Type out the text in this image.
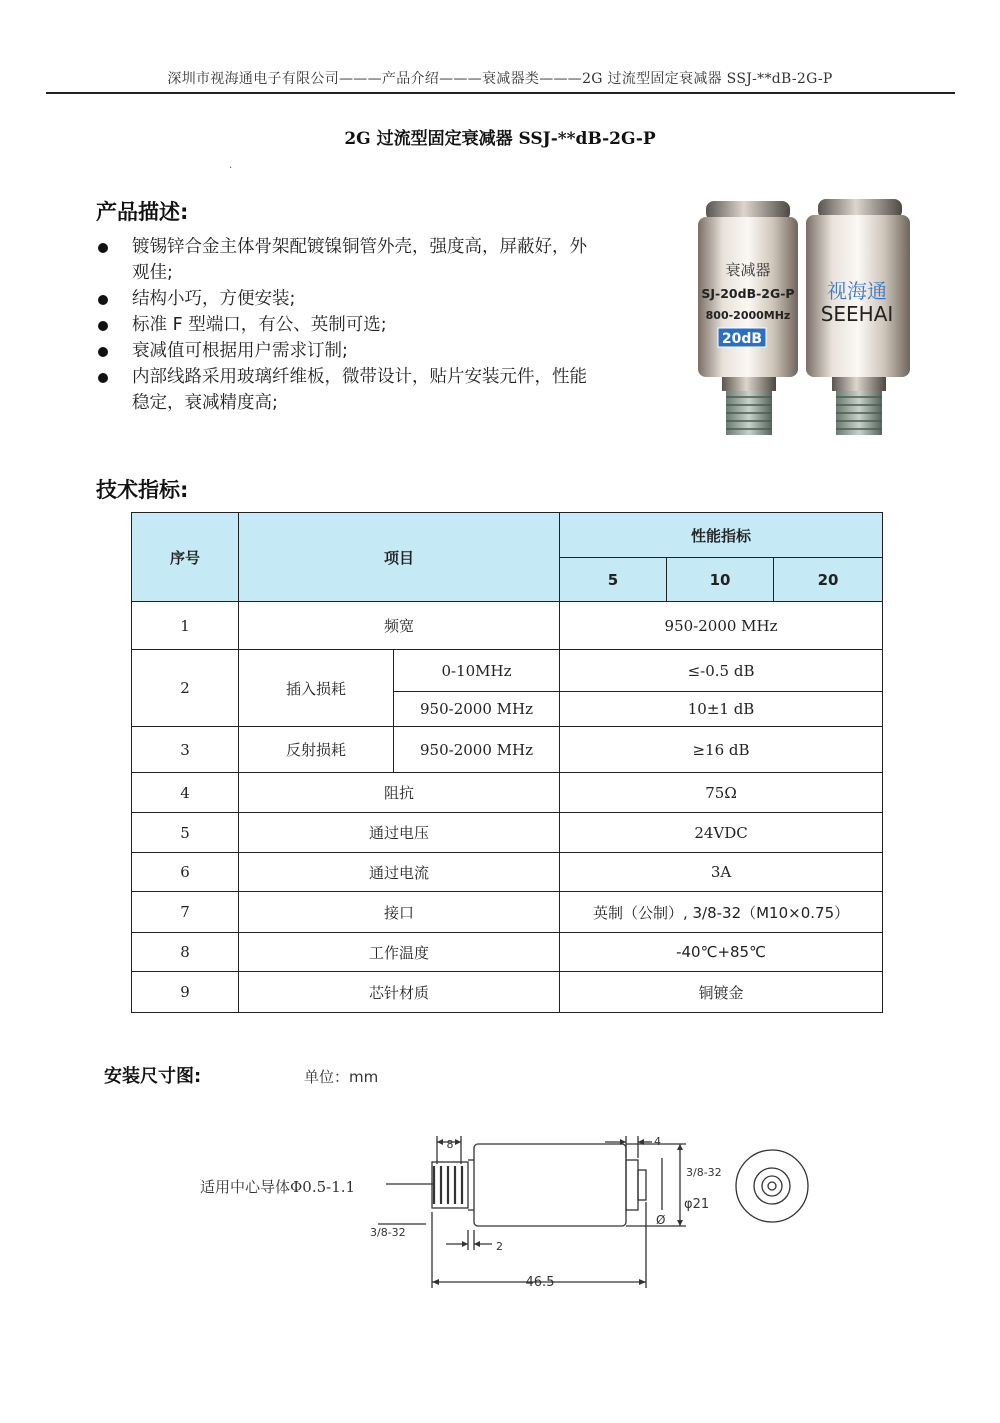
深圳市视海通电子有限公司———产品介绍———衰减器类———2G 过流型固定衰减器 SSJ-**dB-2G-P
2G 过流型固定衰减器 SSJ-**dB-2G-P
.
产品描述:
镀锡锌合金主体骨架配镀镍铜管外壳，强度高，屏蔽好，外
观佳;
结构小巧，方便安装;
标准 F 型端口，有公、英制可选;
衰减值可根据用户需求订制;
内部线路采用玻璃纤维板，微带设计，贴片安装元件，性能
稳定，衰减精度高;
衰减器
SJ-20dB-2G-P
800-2000MHz
20dB
视海通
SEEHAI
技术指标:
序号	项目		性能指标		
			5	10	20
1	频宽		950-2000 MHz		
2	插入损耗	0-10MHz	≤-0.5 dB		
		950-2000 MHz	10±1 dB		
3	反射损耗	950-2000 MHz	≥16 dB		
4	阻抗		75Ω		
5	通过电压		24VDC		
6	通过电流		3A		
7	接口		英制（公制）, 3/8-32（M10×0.75）		
8	工作温度		-40℃+85℃		
9	芯针材质		铜镀金		
安装尺寸图:	单位：mm
8	4
3/8-32
φ21
Ø
2
46.5
3/8-32
适用中心导体Φ0.5-1.1
